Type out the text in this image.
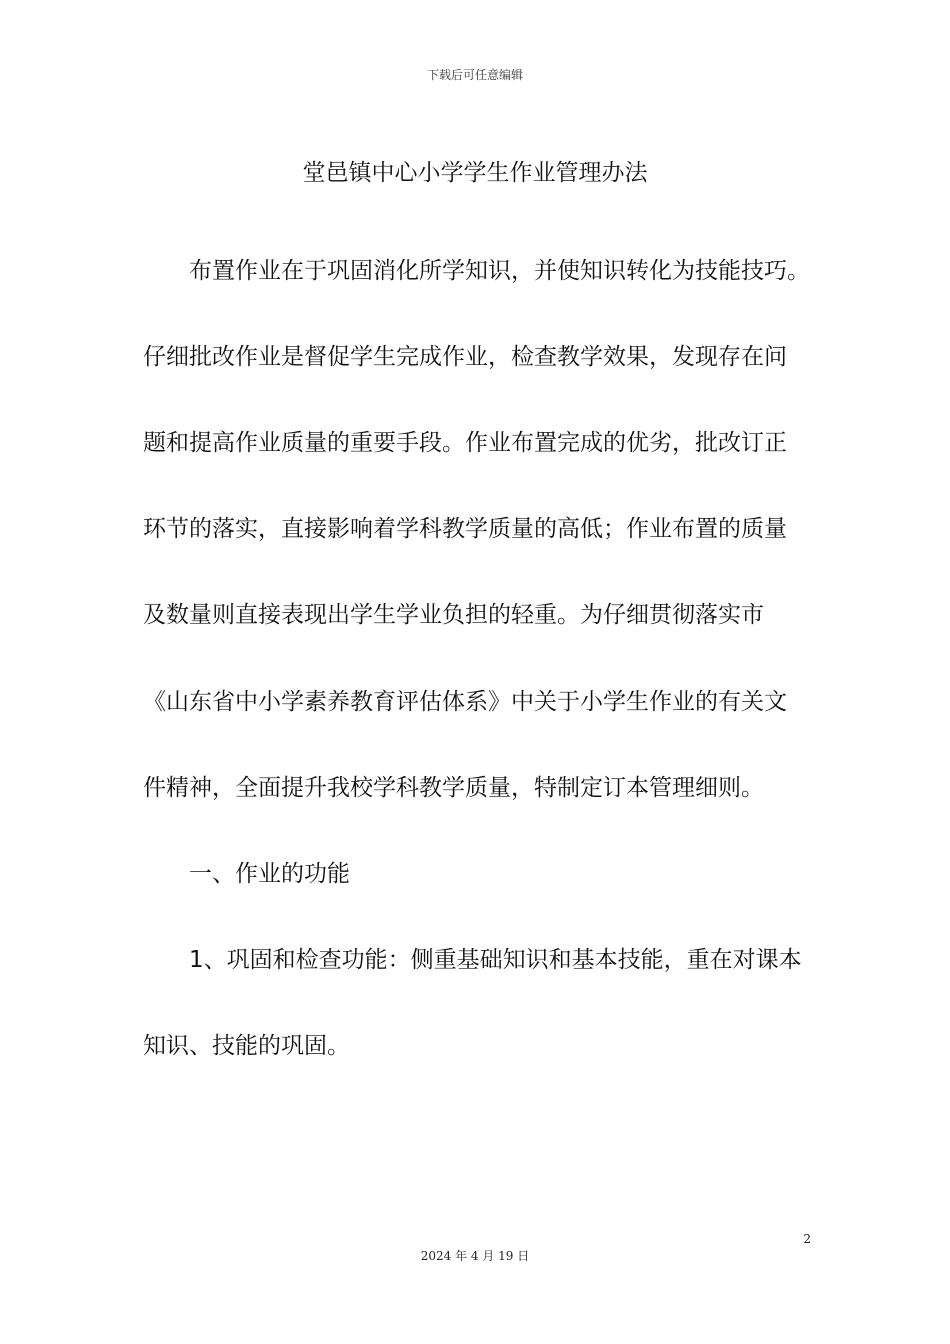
下载后可任意编辑
堂邑镇中心小学学生作业管理办法
布置作业在于巩固消化所学知识，并使知识转化为技能技巧。
仔细批改作业是督促学生完成作业，检查教学效果，发现存在问
题和提高作业质量的重要手段。作业布置完成的优劣，批改订正
环节的落实，直接影响着学科教学质量的高低；作业布置的质量
及数量则直接表现出学生学业负担的轻重。为仔细贯彻落实市
《山东省中小学素养教育评估体系》中关于小学生作业的有关文
件精神，全面提升我校学科教学质量，特制定订本管理细则。
一、作业的功能
1、巩固和检查功能：侧重基础知识和基本技能，重在对课本
知识、技能的巩固。
2
2024 年 4 月 19 日
